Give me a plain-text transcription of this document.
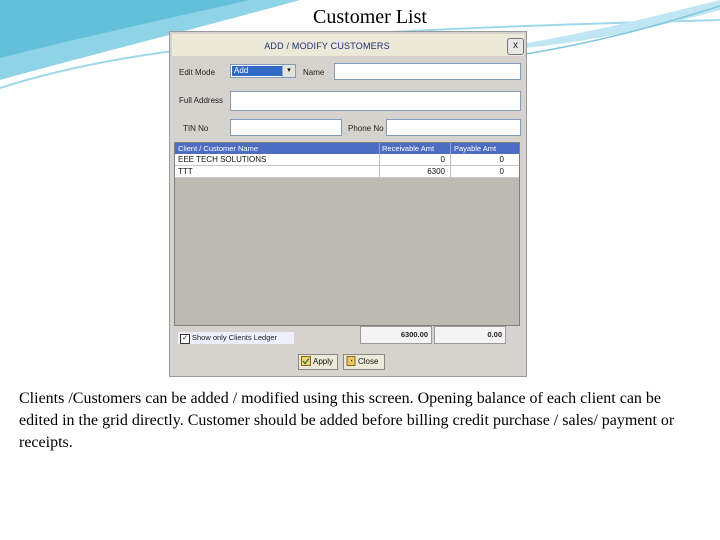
Customer List
ADD / MODIFY CUSTOMERS	x
Edit Mode Add	▾	Name
Full Address
TIN No	Phone No
Client / Customer Name	Receivable Amt	Payable Amt
EEE TECH SOLUTIONS	0	0
TTT	6300	0
✓ Show only Clients Ledger	6300.00	0.00
Apply	Close
Clients /Customers can be added / modified using this screen. Opening balance of each client can be edited in the grid directly. Customer should be added before billing credit purchase / sales/ payment or receipts.
